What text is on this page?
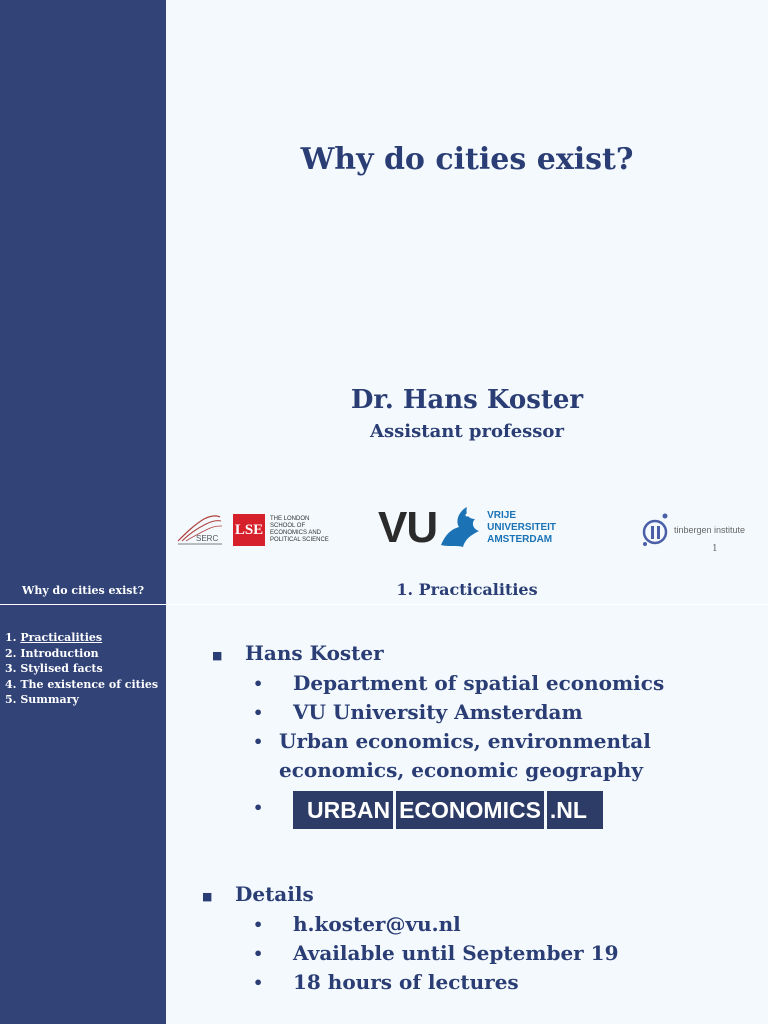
Why do cities exist?
Dr. Hans Koster
Assistant professor
SERC
LSE
THE LONDON SCHOOL OF ECONOMICS AND POLITICAL SCIENCE VU	VRIJE
UNIVERSITEIT
AMSTERDAM
tinbergen institute
1
Why do cities exist?	1. Practicalities
1. Practicalities
2. Introduction
3. Stylised facts
4. The existence of cities
5. Summary
■	Hans Koster
•	Department of spatial economics
•	VU University Amsterdam
• Urban economics, environmental economics, economic geography
•	URBAN ECONOMICS .NL
■	Details
•	h.koster@vu.nl
•	Available until September 19
•	18 hours of lectures
